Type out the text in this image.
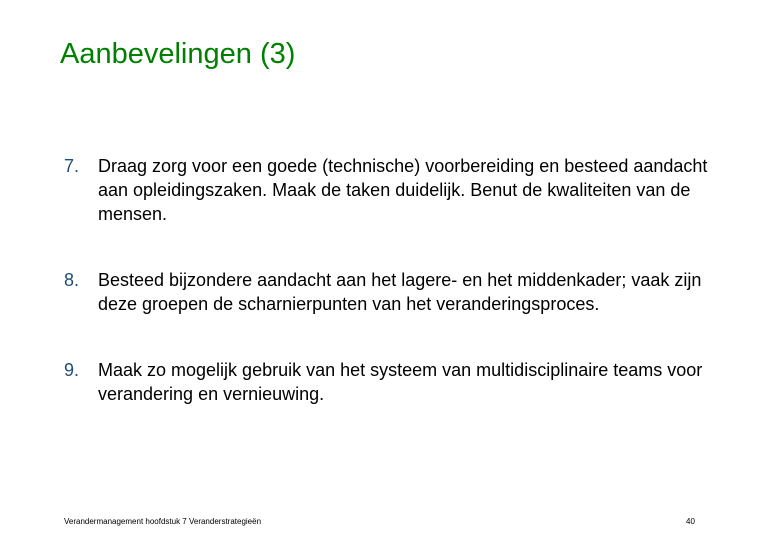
Aanbevelingen (3)
7. Draag zorg voor een goede (technische) voorbereiding en besteed aandacht aan opleidingszaken. Maak de taken duidelijk. Benut de kwaliteiten van de mensen.
8. Besteed bijzondere aandacht aan het lagere- en het middenkader; vaak zijn deze groepen de scharnierpunten van het veranderingsproces.
9. Maak zo mogelijk gebruik van het systeem van multidisciplinaire teams voor verandering en vernieuwing.
Verandermanagement hoofdstuk 7 Veranderstrategieën	40
